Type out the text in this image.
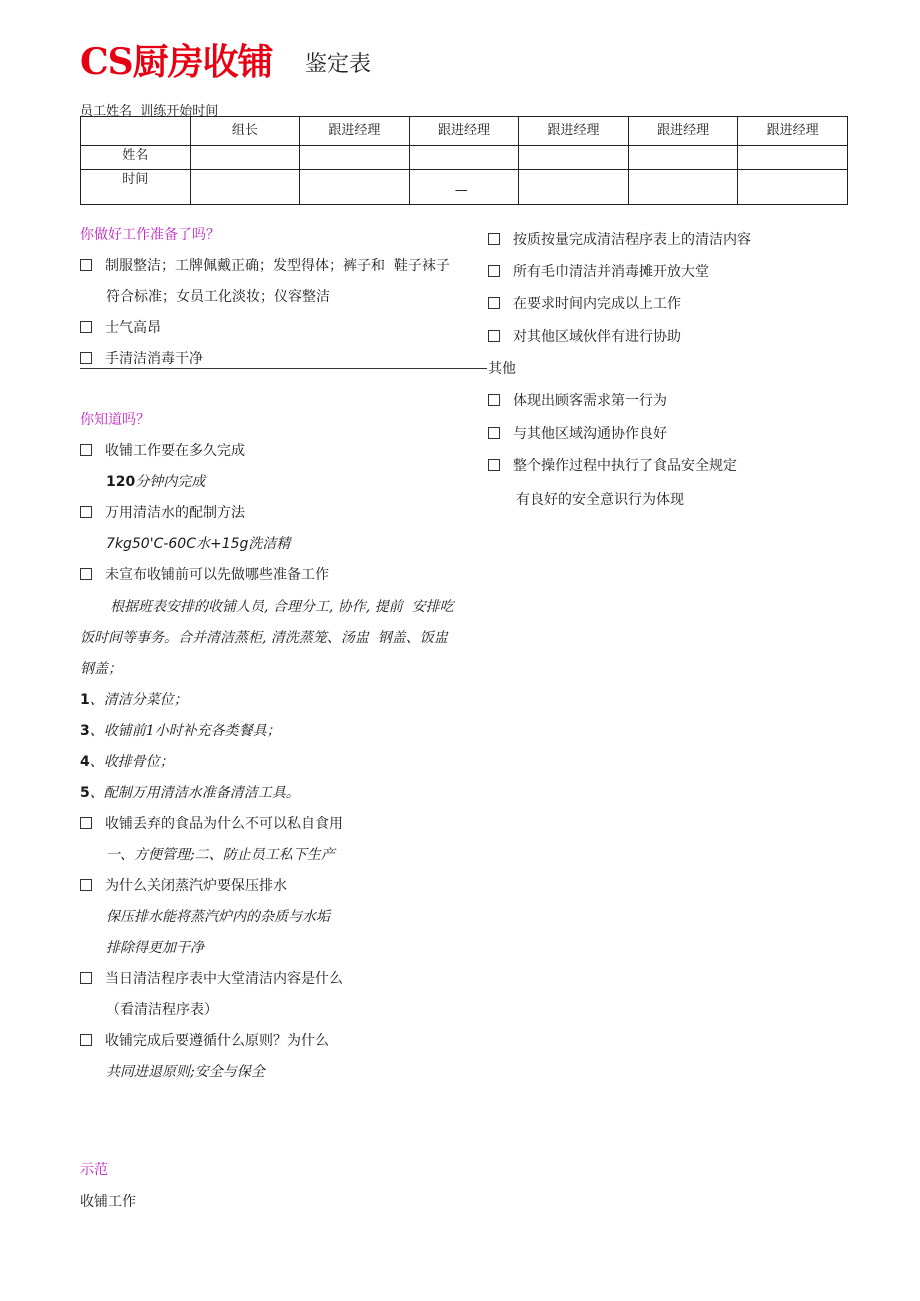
CS厨房收铺 鉴定表
员工姓名  训练开始时间
	组长	跟进经理	跟进经理	跟进经理	跟进经理	跟进经理
姓名						
时间			—			

你做好工作准备了吗？
制服整洁；工牌佩戴正确；发型得体；裤子和  鞋子袜子
符合标准；女员工化淡妆；仪容整洁
士气高昂
手清洁消毒干净
按质按量完成清洁程序表上的清洁内容
所有毛巾清洁并消毒摊开放大堂
在要求时间内完成以上工作
对其他区域伙伴有进行协助
其他
体现出顾客需求第一行为
与其他区域沟通协作良好
整个操作过程中执行了食品安全规定
有良好的安全意识行为体现
你知道吗？
收铺工作要在多久完成
120分钟内完成
万用清洁水的配制方法
7kg50'C-60C水+15g洗洁精
未宣布收铺前可以先做哪些准备工作
根据班表安排的收铺人员, 合理分工, 协作, 提前  安排吃
饭时间等事务。合并清洁蒸柜, 清洗蒸笼、汤盅  钢盖、饭盅
钢盖；
1、清洁分菜位；
3、收铺前1小时补充各类餐具；
4、收排骨位；
5、配制万用清洁水准备清洁工具。
收铺丢弃的食品为什么不可以私自食用
一、方便管理;二、防止员工私下生产
为什么关闭蒸汽炉要保压排水
保压排水能将蒸汽炉内的杂质与水垢
排除得更加干净
当日清洁程序表中大堂清洁内容是什么
（看清洁程序表）
收铺完成后要遵循什么原则？为什么
共同进退原则;安全与保全
示范
收铺工作
